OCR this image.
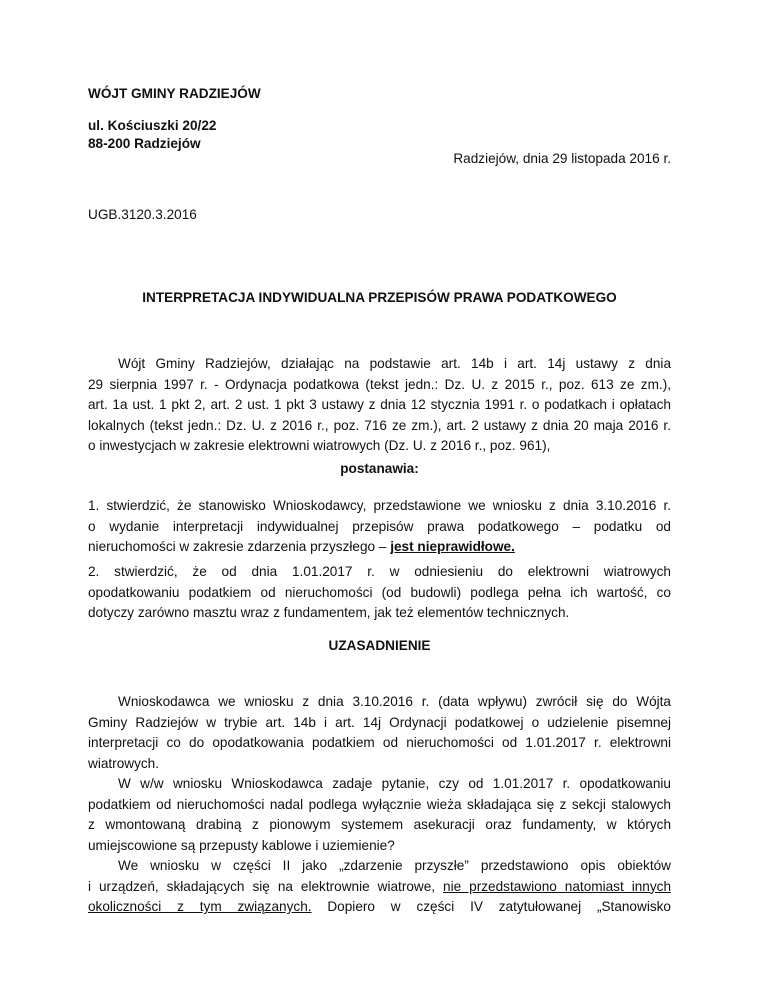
WÓJT GMINY RADZIEJÓW
ul. Kościuszki 20/22
88-200 Radziejów
Radziejów, dnia 29 listopada 2016 r.
UGB.3120.3.2016
INTERPRETACJA INDYWIDUALNA PRZEPISÓW PRAWA PODATKOWEGO
Wójt Gminy Radziejów, działając na podstawie art. 14b i art. 14j ustawy z dnia
29 sierpnia 1997 r. - Ordynacja podatkowa (tekst jedn.: Dz. U. z 2015 r., poz. 613 ze zm.),
art. 1a ust. 1 pkt 2, art. 2 ust. 1 pkt 3 ustawy z dnia 12 stycznia 1991 r. o podatkach i opłatach
lokalnych (tekst jedn.: Dz. U. z 2016 r., poz. 716 ze zm.), art. 2 ustawy z dnia 20 maja 2016 r.
o inwestycjach w zakresie elektrowni wiatrowych (Dz. U. z 2016 r., poz. 961),
postanawia:
1. stwierdzić, że stanowisko Wnioskodawcy, przedstawione we wniosku z dnia 3.10.2016 r.
o wydanie interpretacji indywidualnej przepisów prawa podatkowego – podatku od
nieruchomości w zakresie zdarzenia przyszłego – jest nieprawidłowe.
2. stwierdzić, że od dnia 1.01.2017 r. w odniesieniu do elektrowni wiatrowych
opodatkowaniu podatkiem od nieruchomości (od budowli) podlega pełna ich wartość, co
dotyczy zarówno masztu wraz z fundamentem, jak też elementów technicznych.
UZASADNIENIE
Wnioskodawca we wniosku z dnia 3.10.2016 r. (data wpływu) zwrócił się do Wójta
Gminy Radziejów w trybie art. 14b i art. 14j Ordynacji podatkowej o udzielenie pisemnej
interpretacji co do opodatkowania podatkiem od nieruchomości od 1.01.2017 r. elektrowni
wiatrowych.
W w/w wniosku Wnioskodawca zadaje pytanie, czy od 1.01.2017 r. opodatkowaniu
podatkiem od nieruchomości nadal podlega wyłącznie wieża składająca się z sekcji stalowych
z wmontowaną drabiną z pionowym systemem asekuracji oraz fundamenty, w których
umiejscowione są przepusty kablowe i uziemienie?
We wniosku w części II jako „zdarzenie przyszłe” przedstawiono opis obiektów
i urządzeń, składających się na elektrownie wiatrowe, nie przedstawiono natomiast innych
okoliczności z tym związanych. Dopiero w części IV zatytułowanej „Stanowisko
